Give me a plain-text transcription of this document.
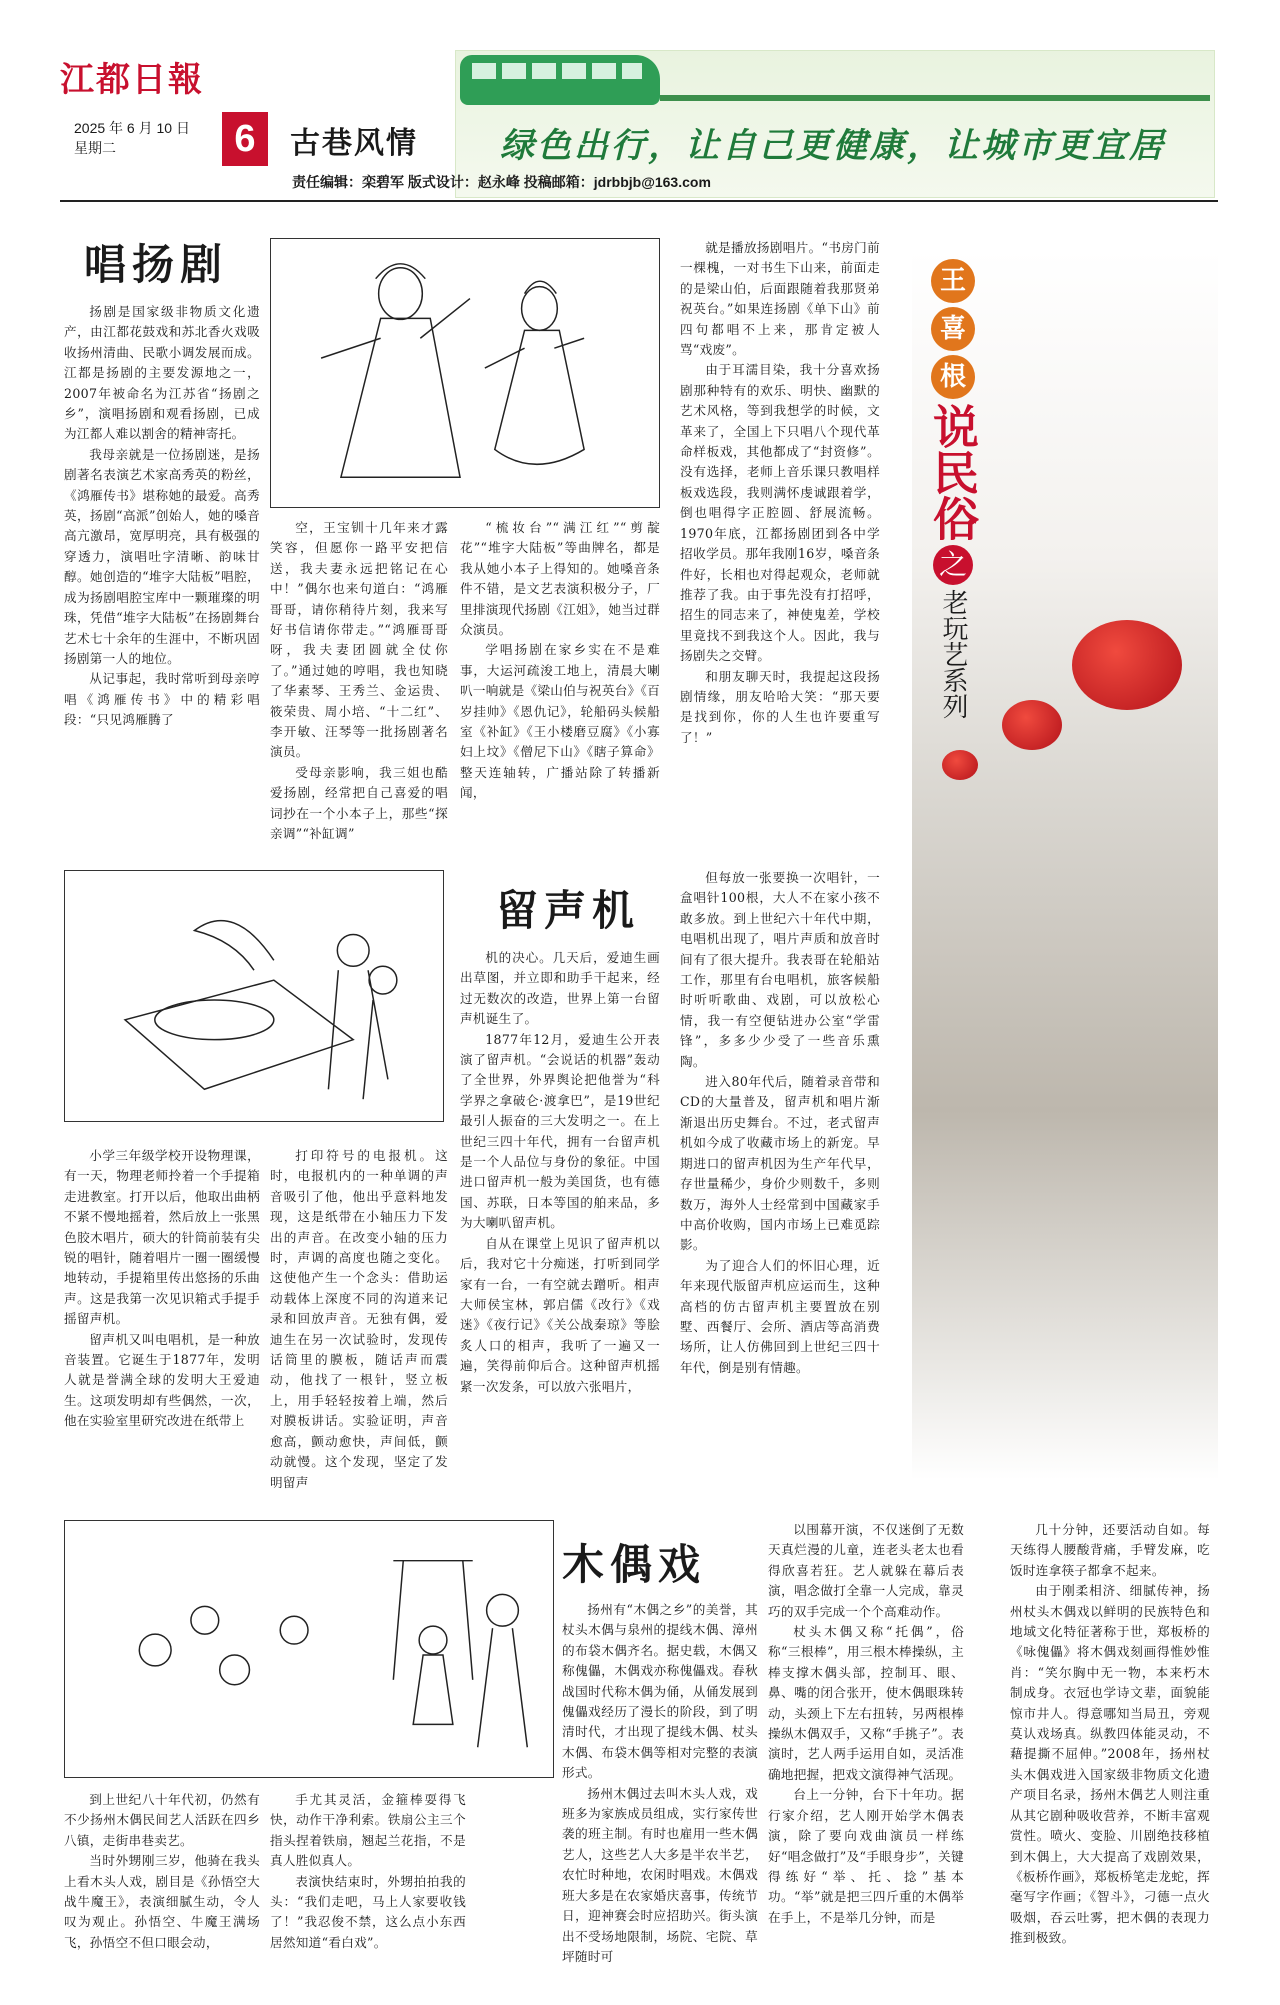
江都日報
2025 年 6 月 10 日
星期二	6	古巷风情 绿色出行，让自己更健康，让城市更宜居
责任编辑：栾碧军 版式设计：赵永峰 投稿邮箱：jdrbbjb@163.com
王
喜
根
说民俗
之
老玩艺系列
唱扬剧

扬剧是国家级非物质文化遗产，由江都花鼓戏和苏北香火戏吸收扬州清曲、民歌小调发展而成。江都是扬剧的主要发源地之一，2007年被命名为江苏省“扬剧之乡”，演唱扬剧和观看扬剧，已成为江都人难以割舍的精神寄托。

我母亲就是一位扬剧迷，是扬剧著名表演艺术家高秀英的粉丝，《鸿雁传书》堪称她的最爱。高秀英，扬剧“高派”创始人，她的嗓音高亢激昂，宽厚明亮，具有极强的穿透力，演唱吐字清晰、韵味甘醇。她创造的“堆字大陆板”唱腔，成为扬剧唱腔宝库中一颗璀璨的明珠，凭借“堆字大陆板”在扬剧舞台艺术七十余年的生涯中，不断巩固扬剧第一人的地位。

从记事起，我时常听到母亲哼唱《鸿雁传书》中的精彩唱段：“只见鸿雁腾了

空，王宝钏十几年来才露笑容，但愿你一路平安把信送，我夫妻永远把铭记在心中！”偶尔也来句道白：“鸿雁哥哥，请你稍待片刻，我来写好书信请你带走。”“鸿雁哥哥呀，我夫妻团圆就全仗你了。”通过她的哼唱，我也知晓了华素琴、王秀兰、金运贵、筱荣贵、周小培、“十二红”、李开敏、汪琴等一批扬剧著名演员。

受母亲影响，我三姐也酷爱扬剧，经常把自己喜爱的唱词抄在一个小本子上，那些“探亲调”“补缸调”

“梳妆台”“满江红”“剪靛花”“堆字大陆板”等曲牌名，都是我从她小本子上得知的。她嗓音条件不错，是文艺表演积极分子，厂里排演现代扬剧《江姐》，她当过群众演员。

学唱扬剧在家乡实在不是难事，大运河疏浚工地上，清晨大喇叭一响就是《梁山伯与祝英台》《百岁挂帅》《恩仇记》，轮船码头候船室《补缸》《王小楼磨豆腐》《小寡妇上坟》《僧尼下山》《瞎子算命》整天连轴转，广播站除了转播新闻，

就是播放扬剧唱片。“书房门前一棵槐，一对书生下山来，前面走的是梁山伯，后面跟随着我那贤弟祝英台。”如果连扬剧《单下山》前四句都唱不上来，那肯定被人骂“戏废”。

由于耳濡目染，我十分喜欢扬剧那种特有的欢乐、明快、幽默的艺术风格，等到我想学的时候，文革来了，全国上下只唱八个现代革命样板戏，其他都成了“封资修”。没有选择，老师上音乐课只教唱样板戏选段，我则满怀虔诚跟着学，倒也唱得字正腔圆、舒展流畅。1970年底，江都扬剧团到各中学招收学员。那年我刚16岁，嗓音条件好，长相也对得起观众，老师就推荐了我。由于事先没有打招呼，招生的同志来了，神使鬼差，学校里竟找不到我这个人。因此，我与扬剧失之交臂。

和朋友聊天时，我提起这段扬剧情缘，朋友哈哈大笑：“那天要是找到你，你的人生也许要重写了！”

留声机

机的决心。几天后，爱迪生画出草图，并立即和助手干起来，经过无数次的改造，世界上第一台留声机诞生了。

1877年12月，爱迪生公开表演了留声机。“会说话的机器”轰动了全世界，外界舆论把他誉为“科学界之拿破仑·渡拿巴”，是19世纪最引人振奋的三大发明之一。在上世纪三四十年代，拥有一台留声机是一个人品位与身份的象征。中国进口留声机一般为美国货，也有德国、苏联，日本等国的舶来品，多为大喇叭留声机。

自从在课堂上见识了留声机以后，我对它十分痴迷，打听到同学家有一台，一有空就去蹭听。相声大师侯宝林，郭启儒《改行》《戏迷》《夜行记》《关公战秦琼》等脍炙人口的相声，我听了一遍又一遍，笑得前仰后合。这种留声机摇紧一次发条，可以放六张唱片，

小学三年级学校开设物理课，有一天，物理老师拎着一个手提箱走进教室。打开以后，他取出曲柄不紧不慢地摇着，然后放上一张黑色胶木唱片，硕大的针筒前装有尖锐的唱针，随着唱片一圈一圈缓慢地转动，手提箱里传出悠扬的乐曲声。这是我第一次见识箱式手提手摇留声机。

留声机又叫电唱机，是一种放音装置。它诞生于1877年，发明人就是誉满全球的发明大王爱迪生。这项发明却有些偶然，一次，他在实验室里研究改进在纸带上

打印符号的电报机。这时，电报机内的一种单调的声音吸引了他，他出乎意料地发现，这是纸带在小轴压力下发出的声音。在改变小轴的压力时，声调的高度也随之变化。这使他产生一个念头：借助运动载体上深度不同的沟道来记录和回放声音。无独有偶，爱迪生在另一次试验时，发现传话筒里的膜板，随话声而震动，他找了一根针，竖立板上，用手轻轻按着上端，然后对膜板讲话。实验证明，声音愈高，颤动愈快，声间低，颤动就慢。这个发现，坚定了发明留声

但每放一张要换一次唱针，一盒唱针100根，大人不在家小孩不敢多放。到上世纪六十年代中期，电唱机出现了，唱片声质和放音时间有了很大提升。我表哥在轮船站工作，那里有台电唱机，旅客候船时听听歌曲、戏剧，可以放松心情，我一有空便钻进办公室“学雷锋”，多多少少受了一些音乐熏陶。

进入80年代后，随着录音带和CD的大量普及，留声机和唱片渐渐退出历史舞台。不过，老式留声机如今成了收藏市场上的新宠。早期进口的留声机因为生产年代早，存世量稀少，身价少则数千，多则数万，海外人士经常到中国藏家手中高价收购，国内市场上已难觅踪影。

为了迎合人们的怀旧心理，近年来现代版留声机应运而生，这种高档的仿古留声机主要置放在别墅、西餐厅、会所、酒店等高消费场所，让人仿佛回到上世纪三四十年代，倒是别有情趣。

木偶戏

扬州有“木偶之乡”的美誉，其杖头木偶与泉州的提线木偶、漳州的布袋木偶齐名。据史载，木偶又称傀儡，木偶戏亦称傀儡戏。春秋战国时代称木偶为俑，从俑发展到傀儡戏经历了漫长的阶段，到了明清时代，才出现了提线木偶、杖头木偶、布袋木偶等相对完整的表演形式。

扬州木偶过去叫木头人戏，戏班多为家族成员组成，实行家传世袭的班主制。有时也雇用一些木偶艺人，这些艺人大多是半农半艺，农忙时种地，农闲时唱戏。木偶戏班大多是在农家婚庆喜事，传统节日，迎神赛会时应招助兴。街头演出不受场地限制，场院、宅院、草坪随时可

到上世纪八十年代初，仍然有不少扬州木偶民间艺人活跃在四乡八镇，走街串巷卖艺。

当时外甥刚三岁，他骑在我头上看木头人戏，剧目是《孙悟空大战牛魔王》，表演细腻生动，令人叹为观止。孙悟空、牛魔王满场飞，孙悟空不但口眼会动，

手尤其灵活，金箍棒耍得飞快，动作干净利索。铁扇公主三个指头捏着铁扇，翘起兰花指，不是真人胜似真人。

表演快结束时，外甥拍拍我的头：“我们走吧，马上人家要收钱了！”我忍俊不禁，这么点小东西居然知道“看白戏”。

以围幕开演，不仅迷倒了无数天真烂漫的儿童，连老头老太也看得欣喜若狂。艺人就躲在幕后表演，唱念做打全靠一人完成，靠灵巧的双手完成一个个高难动作。

杖头木偶又称“托偶”，俗称“三根棒”，用三根木棒操纵，主棒支撑木偶头部，控制耳、眼、鼻、嘴的闭合张开，使木偶眼珠转动，头颈上下左右扭转，另两根棒操纵木偶双手，又称“手挑子”。表演时，艺人两手运用自如，灵活准确地把握，把戏文演得神气活现。

台上一分钟，台下十年功。据行家介绍，艺人刚开始学木偶表演，除了要向戏曲演员一样练好“唱念做打”及“手眼身步”，关键得练好“举、托、捻”基本功。“举”就是把三四斤重的木偶举在手上，不是举几分钟，而是

几十分钟，还要活动自如。每天练得人腰酸背痛，手臂发麻，吃饭时连拿筷子都拿不起来。

由于刚柔相济、细腻传神，扬州杖头木偶戏以鲜明的民族特色和地域文化特征著称于世，郑板桥的《咏傀儡》将木偶戏刻画得惟妙惟肖：“笑尔胸中无一物，本来朽木制成身。衣冠也学诗文辈，面貌能惊市井人。得意哪知当局丑，旁观莫认戏场真。纵教四体能灵动，不藉提撕不屈伸。”2008年，扬州杖头木偶戏进入国家级非物质文化遗产项目名录，扬州木偶艺人则注重从其它剧种吸收营养，不断丰富观赏性。喷火、变脸、川剧绝技移植到木偶上，大大提高了戏剧效果，《板桥作画》，郑板桥笔走龙蛇，挥毫写字作画；《智斗》，刁德一点火吸烟，吞云吐雾，把木偶的表现力推到极致。
